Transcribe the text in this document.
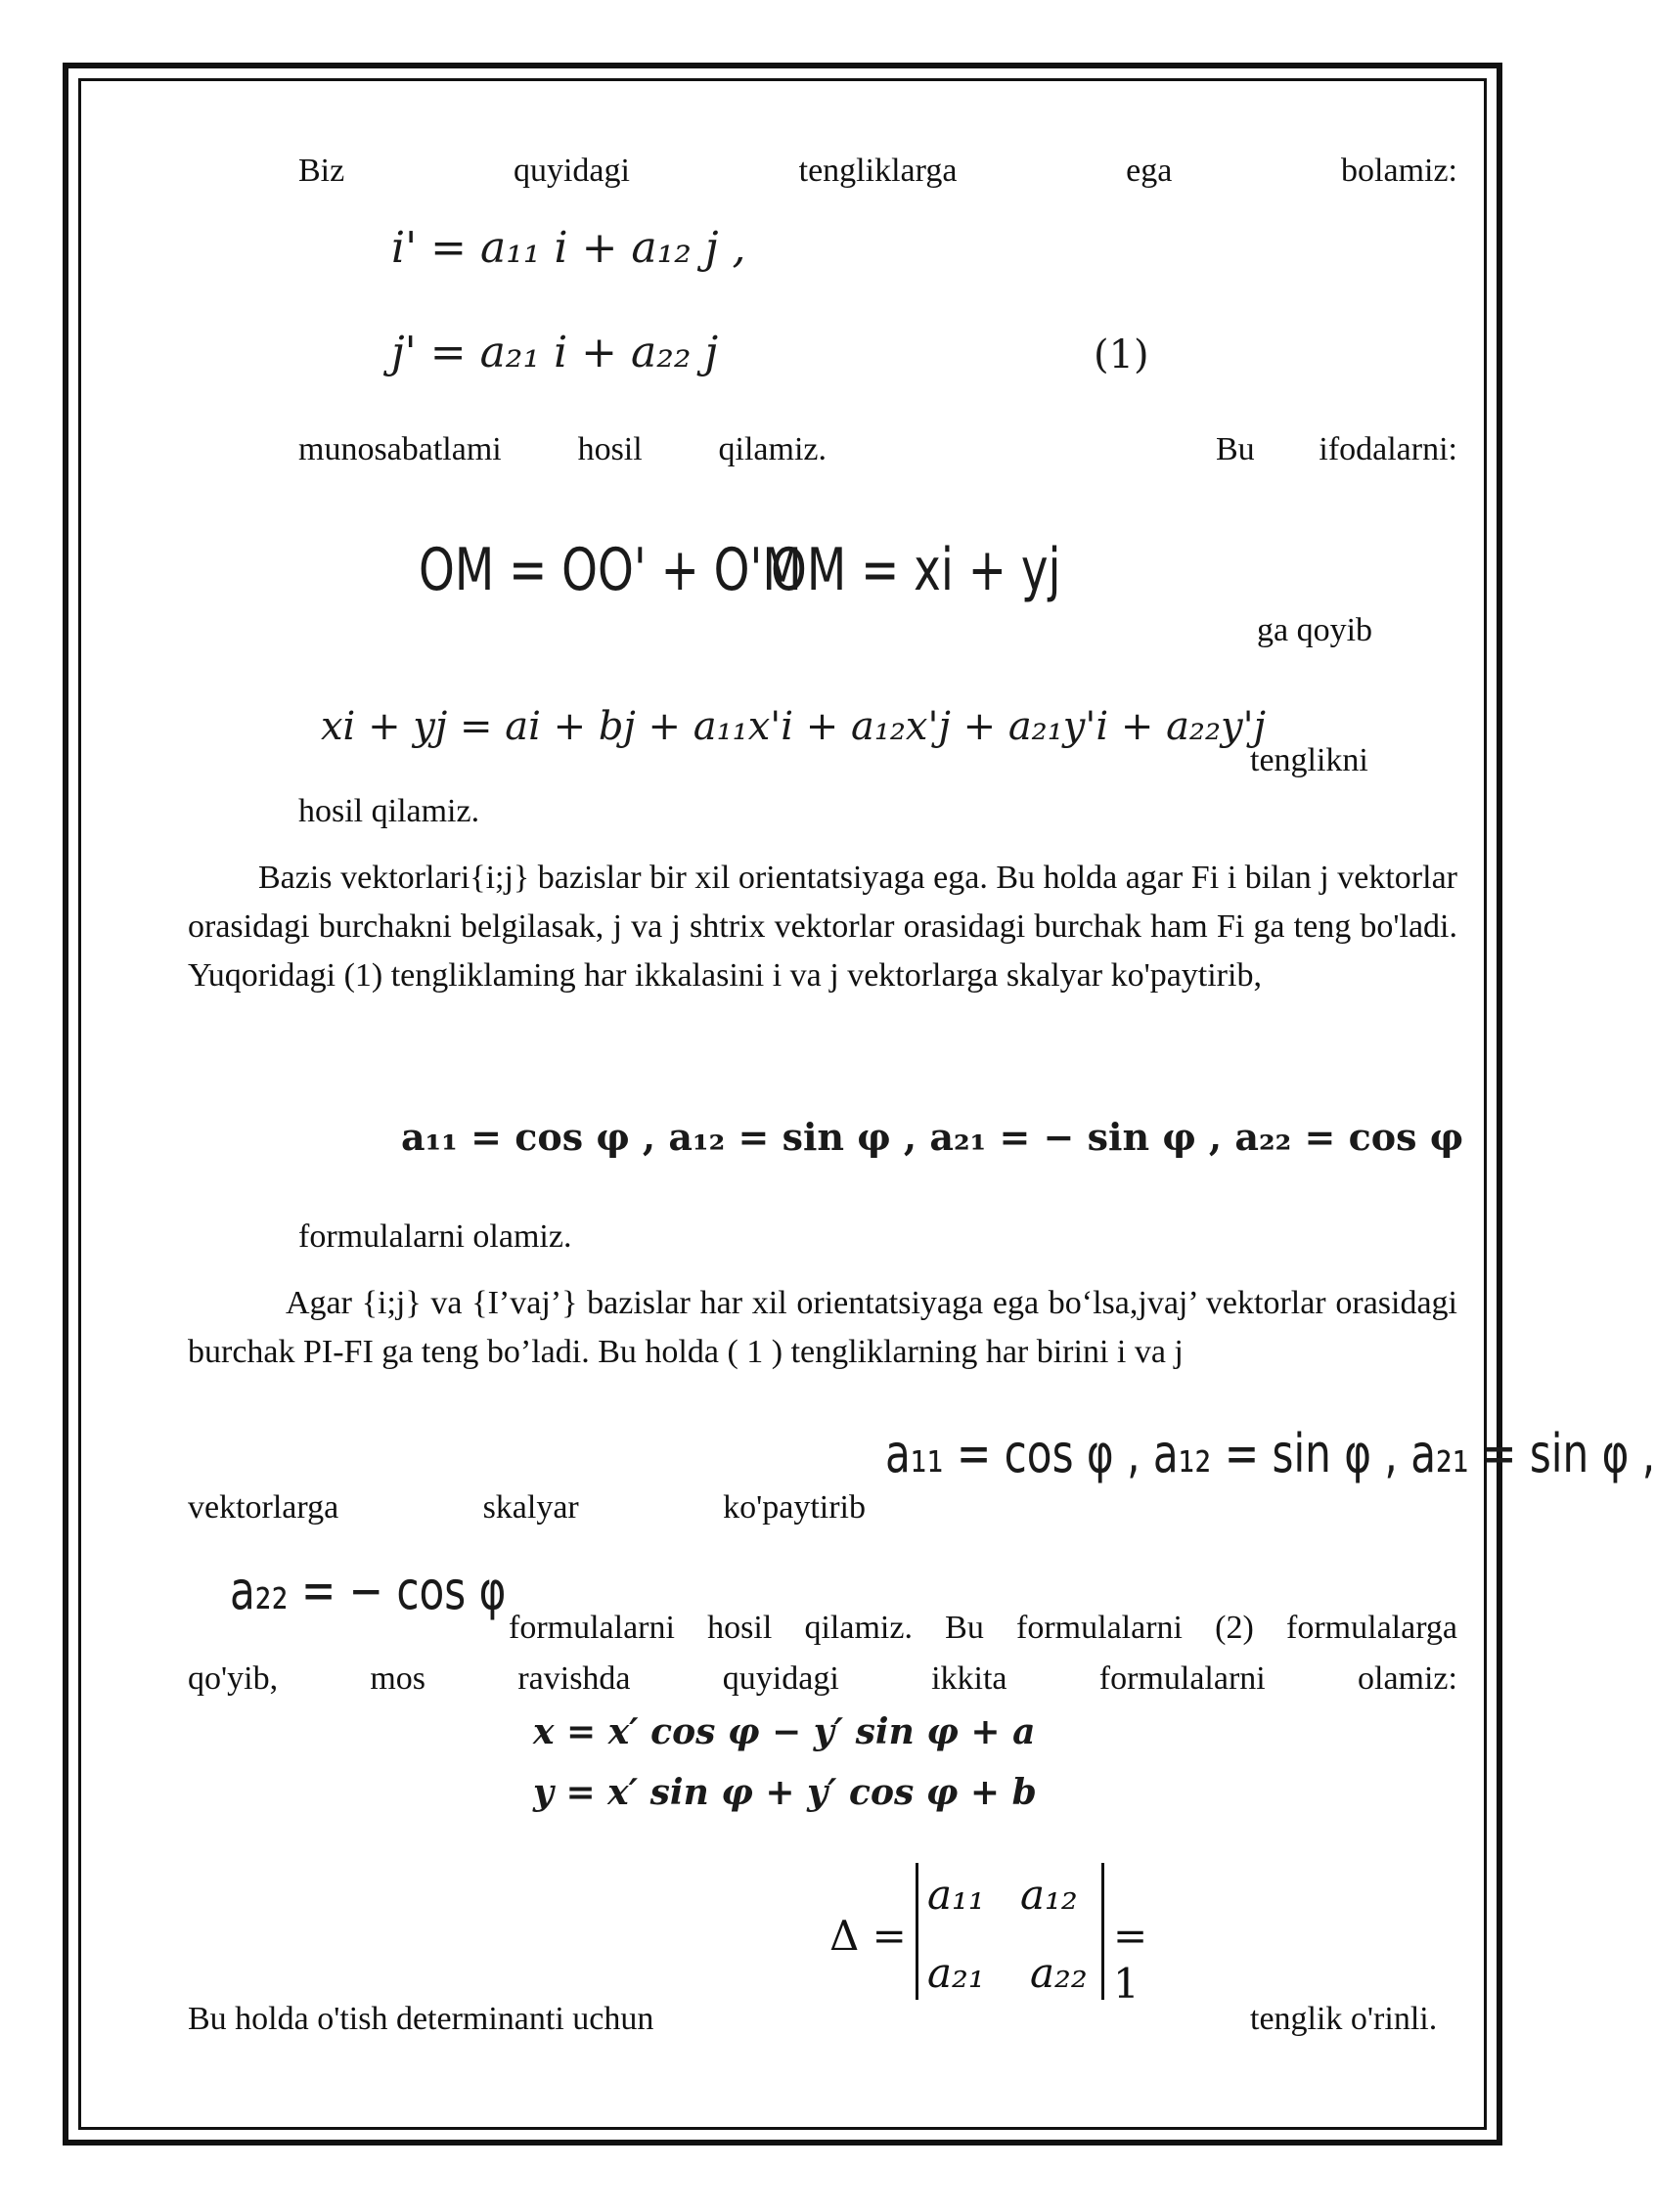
Biz	quyidagi	tengliklarga	ega	bolamiz:
i' = a₁₁ i + a₁₂ j ,
j' = a₂₁ i + a₂₂ j	(1)
munosabatlami hosil qilamiz.	Bu ifodalarni:
OM = OO' + O'M
OM = xi + yj
ga qoyib
xi + yj = ai + bj + a₁₁x'i + a₁₂x'j + a₂₁y'i + a₂₂y'j
tenglikni
hosil qilamiz.
Bazis vektorlari{i;j} bazislar bir xil orientatsiyaga ega. Bu holda agar Fi i bilan j vektorlar orasidagi burchakni belgilasak, j va j shtrix vektorlar orasidagi burchak ham Fi ga teng bo'ladi. Yuqoridagi (1) tengliklaming har ikkalasini i va j vektorlarga skalyar ko'paytirib,
a₁₁ = cos φ , a₁₂ = sin φ , a₂₁ = − sin φ , a₂₂ = cos φ
formulalarni olamiz.
Agar {i;j} va {I’vaj’} bazislar har xil orientatsiyaga ega bo‘lsa,jvaj’ vektorlar orasidagi burchak PI-FI ga teng bo’ladi. Bu holda ( 1 ) tengliklarning har birini i va j
vektorlarga	skalyar	ko'paytirib
a₁₁ = cos φ , a₁₂ = sin φ , a₂₁ = sin φ ,
a₂₂ = − cos φ
formulalarni  hosil  qilamiz.  Bu  formulalarni  (2)  formulalarga
qo'yib,	mos	ravishda	quyidagi	ikkita	formulalarni	olamiz:
x = x′ cos φ − y′ sin φ + a
y = x′ sin φ + y′ cos φ + b
Δ =
a₁₁ a₁₂
a₂₁ a₂₂
= 1
Bu holda o'tish determinanti uchun	tenglik o'rinli.
